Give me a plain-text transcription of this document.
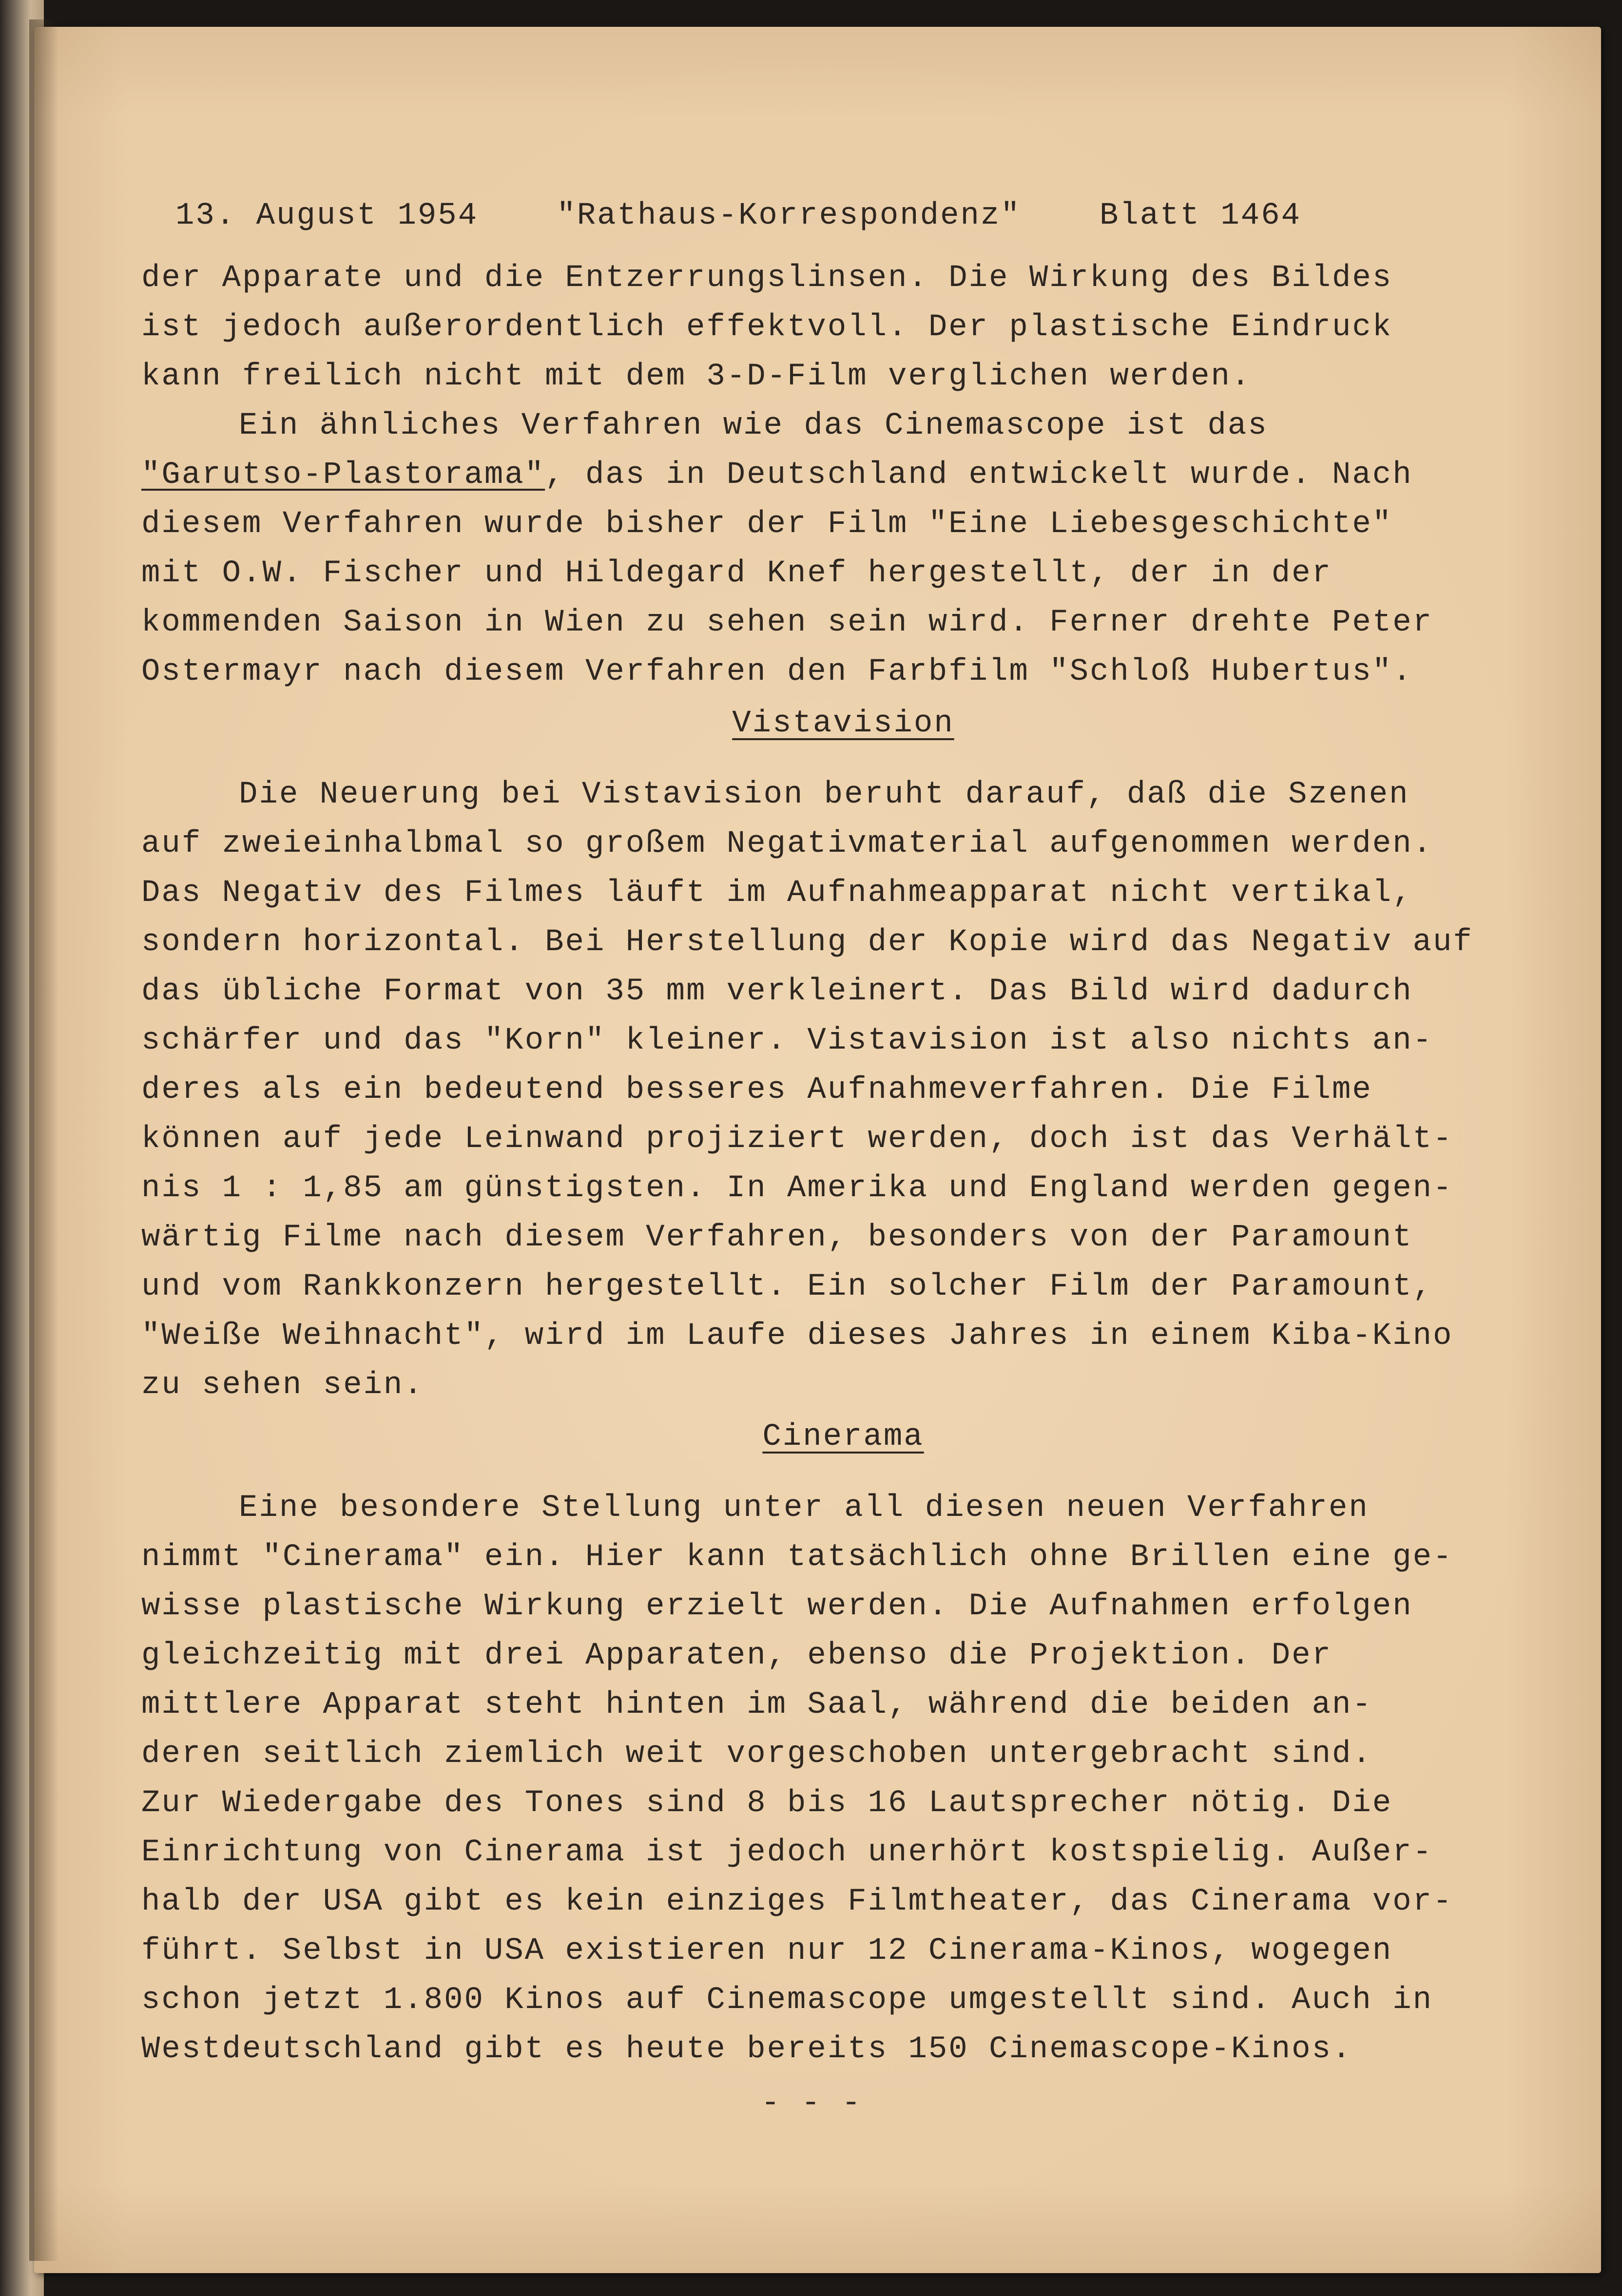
13. August 1954	"Rathaus-Korrespondenz"	Blatt 1464
der Apparate und die Entzerrungslinsen. Die Wirkung des Bildes
ist jedoch außerordentlich effektvoll. Der plastische Eindruck
kann freilich nicht mit dem 3-D-Film verglichen werden.
Ein ähnliches Verfahren wie das Cinemascope ist das
"Garutso-Plastorama", das in Deutschland entwickelt wurde. Nach
diesem Verfahren wurde bisher der Film "Eine Liebesgeschichte"
mit O.W. Fischer und Hildegard Knef hergestellt, der in der
kommenden Saison in Wien zu sehen sein wird. Ferner drehte Peter
Ostermayr nach diesem Verfahren den Farbfilm "Schloß Hubertus".
Vistavision
Die Neuerung bei Vistavision beruht darauf, daß die Szenen
auf zweieinhalbmal so großem Negativmaterial aufgenommen werden.
Das Negativ des Filmes läuft im Aufnahmeapparat nicht vertikal,
sondern horizontal. Bei Herstellung der Kopie wird das Negativ auf
das übliche Format von 35 mm verkleinert. Das Bild wird dadurch
schärfer und das "Korn" kleiner. Vistavision ist also nichts an-
deres als ein bedeutend besseres Aufnahmeverfahren. Die Filme
können auf jede Leinwand projiziert werden, doch ist das Verhält-
nis 1 : 1,85 am günstigsten. In Amerika und England werden gegen-
wärtig Filme nach diesem Verfahren, besonders von der Paramount
und vom Rankkonzern hergestellt. Ein solcher Film der Paramount,
"Weiße Weihnacht", wird im Laufe dieses Jahres in einem Kiba-Kino
zu sehen sein.
Cinerama
Eine besondere Stellung unter all diesen neuen Verfahren
nimmt "Cinerama" ein. Hier kann tatsächlich ohne Brillen eine ge-
wisse plastische Wirkung erzielt werden. Die Aufnahmen erfolgen
gleichzeitig mit drei Apparaten, ebenso die Projektion. Der
mittlere Apparat steht hinten im Saal, während die beiden an-
deren seitlich ziemlich weit vorgeschoben untergebracht sind.
Zur Wiedergabe des Tones sind 8 bis 16 Lautsprecher nötig. Die
Einrichtung von Cinerama ist jedoch unerhört kostspielig. Außer-
halb der USA gibt es kein einziges Filmtheater, das Cinerama vor-
führt. Selbst in USA existieren nur 12 Cinerama-Kinos, wogegen
schon jetzt 1.800 Kinos auf Cinemascope umgestellt sind. Auch in
Westdeutschland gibt es heute bereits 150 Cinemascope-Kinos.
- - -
